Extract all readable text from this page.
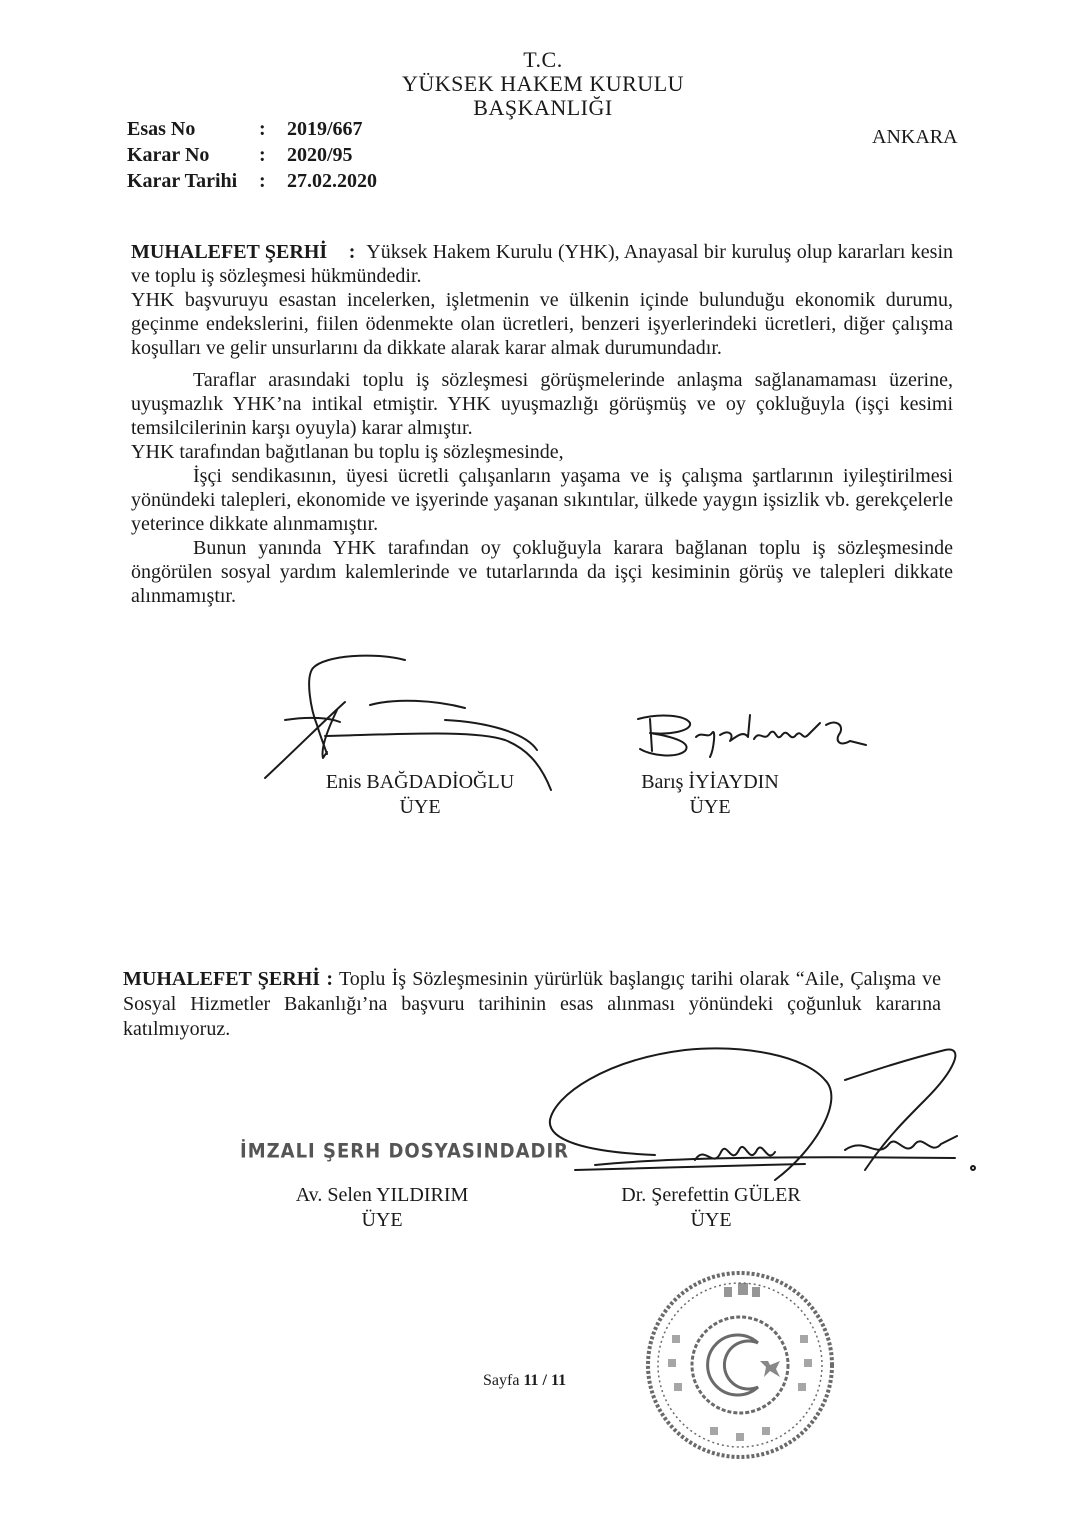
T.C.
YÜKSEK HAKEM KURULU
BAŞKANLIĞI
ANKARA
Esas No	: 2019/667
Karar No : 2020/95
Karar Tarihi : 27.02.2020
MUHALEFET ŞERHİ : Yüksek Hakem Kurulu (YHK), Anayasal bir kuruluş olup kararları kesin ve toplu iş sözleşmesi hükmündedir.
YHK başvuruyu esastan incelerken, işletmenin ve ülkenin içinde bulunduğu ekonomik durumu, geçinme endekslerini, fiilen ödenmekte olan ücretleri, benzeri işyerlerindeki ücretleri, diğer çalışma koşulları ve gelir unsurlarını da dikkate alarak karar almak durumundadır.
Taraflar arasındaki toplu iş sözleşmesi görüşmelerinde anlaşma sağlanamaması üzerine, uyuşmazlık YHK’na intikal etmiştir. YHK uyuşmazlığı görüşmüş ve oy çokluğuyla (işçi kesimi temsilcilerinin karşı oyuyla) karar almıştır.
YHK tarafından bağıtlanan bu toplu iş sözleşmesinde,
İşçi sendikasının, üyesi ücretli çalışanların yaşama ve iş çalışma şartlarının iyileştirilmesi yönündeki talepleri, ekonomide ve işyerinde yaşanan sıkıntılar, ülkede yaygın işsizlik vb. gerekçelerle yeterince dikkate alınmamıştır.
Bunun yanında YHK tarafından oy çokluğuyla karara bağlanan toplu iş sözleşmesinde öngörülen sosyal yardım kalemlerinde ve tutarlarında da işçi kesiminin görüş ve talepleri dikkate alınmamıştır.
Enis BAĞDADİOĞLU
ÜYE
Barış İYİAYDIN
ÜYE
MUHALEFET ŞERHİ : Toplu İş Sözleşmesinin yürürlük başlangıç tarihi olarak “Aile, Çalışma ve Sosyal Hizmetler Bakanlığı’na başvuru tarihinin esas alınması yönündeki çoğunluk kararına katılmıyoruz.
İMZALI ŞERH DOSYASINDADIR
Av. Selen YILDIRIM
ÜYE
Dr. Şerefettin GÜLER
ÜYE
Sayfa 11 / 11
